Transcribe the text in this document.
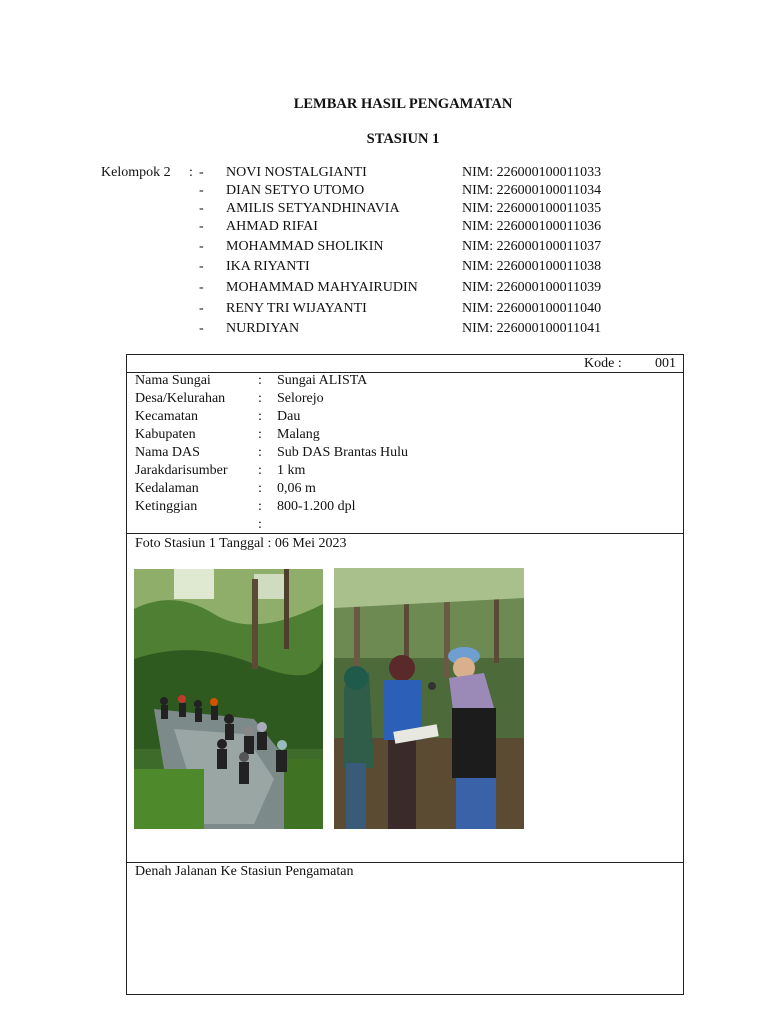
LEMBAR HASIL PENGAMATAN
STASIUN 1
Kelompok 2 : - NOVI NOSTALGIANTI	NIM: 226000100011033
- DIAN SETYO UTOMO	NIM: 226000100011034
- AMILIS SETYANDHINAVIA	NIM: 226000100011035
- AHMAD RIFAI	NIM: 226000100011036
- MOHAMMAD SHOLIKIN	NIM: 226000100011037
- IKA RIYANTI	NIM: 226000100011038
- MOHAMMAD MAHYAIRUDIN	NIM: 226000100011039
- RENY TRI WIJAYANTI	NIM: 226000100011040
- NURDIYAN	NIM: 226000100011041
Kode : 001
Nama Sungai	: Sungai ALISTA
Desa/Kelurahan : Selorejo
Kecamatan	: Dau
Kabupaten	: Malang
Nama DAS	: Sub DAS Brantas Hulu
Jarakdarisumber : 1 km
Kedalaman	: 0,06 m
Ketinggian	: 800-1.200 dpl
:
Foto Stasiun 1 Tanggal : 06 Mei 2023
Denah Jalanan Ke Stasiun Pengamatan
